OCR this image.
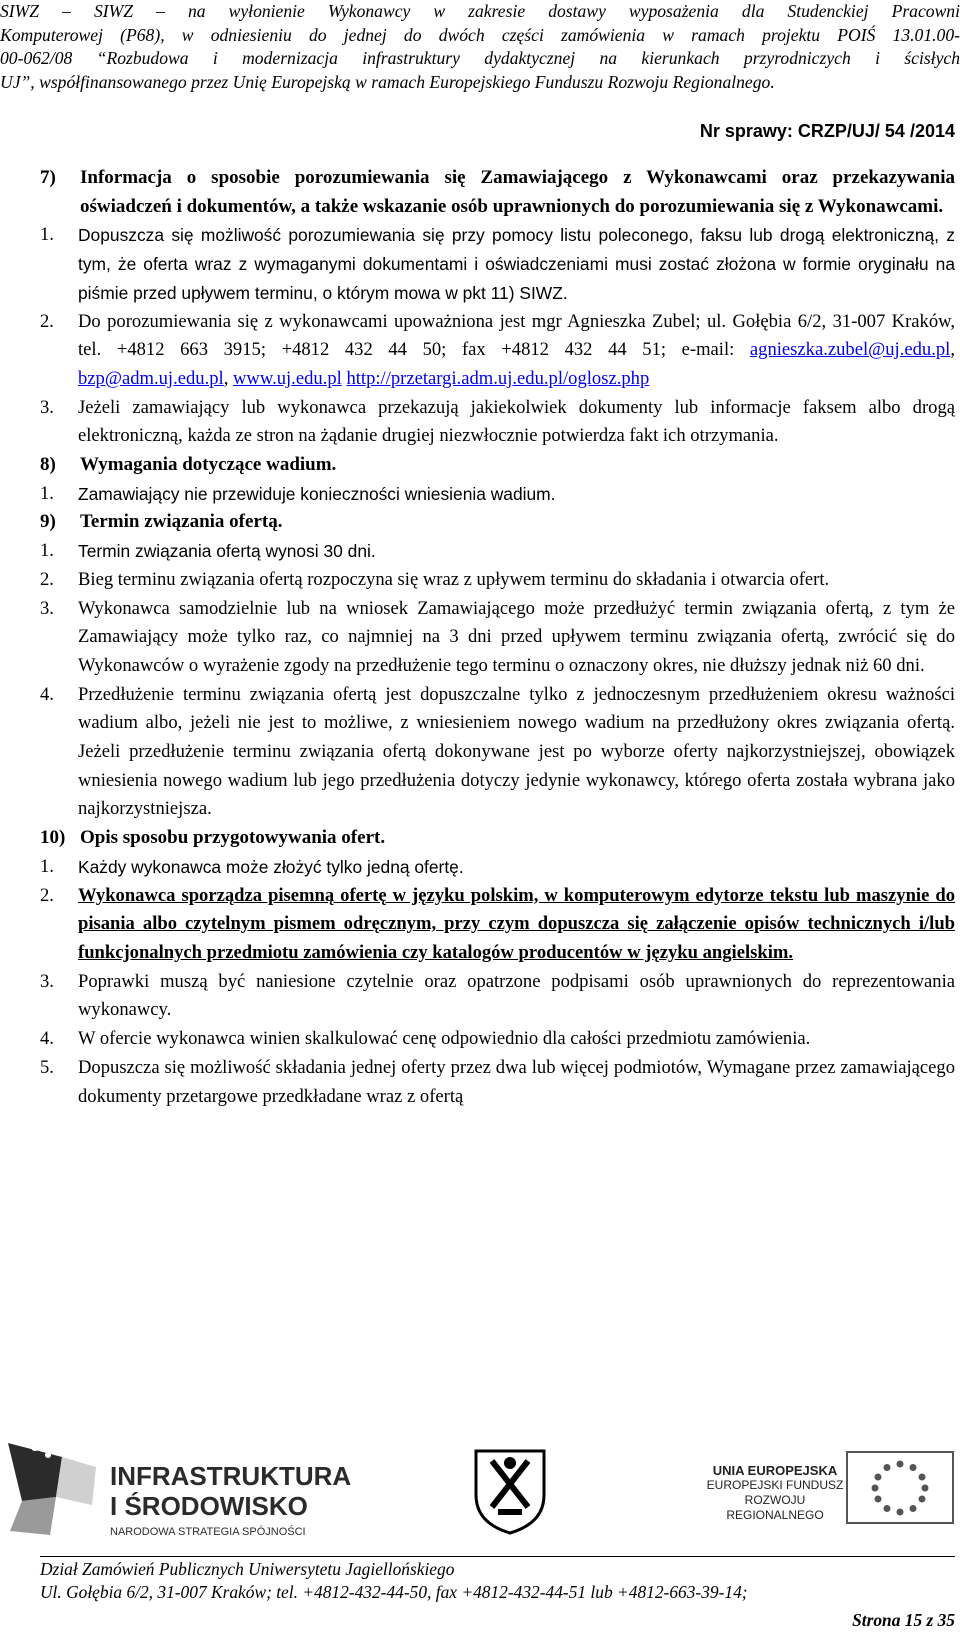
SIWZ – SIWZ – na wyłonienie Wykonawcy w zakresie dostawy wyposażenia dla Studenckiej Pracowni
Komputerowej (P68), w odniesieniu do jednej do dwóch części zamówienia w ramach projektu POIŚ 13.01.00-
00-062/08 “Rozbudowa i modernizacja infrastruktury dydaktycznej na kierunkach przyrodniczych i ścisłych
UJ”, współfinansowanego przez Unię Europejską w ramach Europejskiego Funduszu Rozwoju Regionalnego.
Nr sprawy: CRZP/UJ/ 54 /2014
7)	Informacja o sposobie porozumiewania się Zamawiającego z Wykonawcami oraz przekazywania oświadczeń i dokumentów, a także wskazanie osób uprawnionych do porozumiewania się z Wykonawcami.
1.	Dopuszcza się możliwość porozumiewania się przy pomocy listu poleconego, faksu lub drogą elektroniczną, z tym, że oferta wraz z wymaganymi dokumentami i oświadczeniami musi zostać złożona w formie oryginału na piśmie przed upływem terminu, o którym mowa w pkt 11) SIWZ.
2.	Do porozumiewania się z wykonawcami upoważniona jest mgr Agnieszka Zubel; ul. Gołębia 6/2, 31-007 Kraków, tel. +4812 663 3915; +4812 432 44 50; fax +4812 432 44 51; e-mail: agnieszka.zubel@uj.edu.pl, bzp@adm.uj.edu.pl, www.uj.edu.pl http://przetargi.adm.uj.edu.pl/oglosz.php
3.	Jeżeli zamawiający lub wykonawca przekazują jakiekolwiek dokumenty lub informacje faksem albo drogą elektroniczną, każda ze stron na żądanie drugiej niezwłocznie potwierdza fakt ich otrzymania.
8)	Wymagania dotyczące wadium.
1.	Zamawiający nie przewiduje konieczności wniesienia wadium.
9)	Termin związania ofertą.
1.	Termin związania ofertą wynosi 30 dni.
2.	Bieg terminu związania ofertą rozpoczyna się wraz z upływem terminu do składania i otwarcia ofert.
3.	Wykonawca samodzielnie lub na wniosek Zamawiającego może przedłużyć termin związania ofertą, z tym że Zamawiający może tylko raz, co najmniej na 3 dni przed upływem terminu związania ofertą, zwrócić się do Wykonawców o wyrażenie zgody na przedłużenie tego terminu o oznaczony okres, nie dłuższy jednak niż 60 dni.
4.	Przedłużenie terminu związania ofertą jest dopuszczalne tylko z jednoczesnym przedłużeniem okresu ważności wadium albo, jeżeli nie jest to możliwe, z wniesieniem nowego wadium na przedłużony okres związania ofertą. Jeżeli przedłużenie terminu związania ofertą dokonywane jest po wyborze oferty najkorzystniejszej, obowiązek wniesienia nowego wadium lub jego przedłużenia dotyczy jedynie wykonawcy, którego oferta została wybrana jako najkorzystniejsza.
10) Opis sposobu przygotowywania ofert.
1.	Każdy wykonawca może złożyć tylko jedną ofertę.
2.	Wykonawca sporządza pisemną ofertę w języku polskim, w komputerowym edytorze tekstu lub maszynie do pisania albo czytelnym pismem odręcznym, przy czym dopuszcza się załączenie opisów technicznych i/lub funkcjonalnych przedmiotu zamówienia czy katalogów producentów w języku angielskim.
3.	Poprawki muszą być naniesione czytelnie oraz opatrzone podpisami osób uprawnionych do reprezentowania wykonawcy.
4.	W ofercie wykonawca winien skalkulować cenę odpowiednio dla całości przedmiotu zamówienia.
5.	Dopuszcza się możliwość składania jednej oferty przez dwa lub więcej podmiotów, Wymagane przez zamawiającego dokumenty przetargowe przedkładane wraz z ofertą
INFRASTRUKTURA
I ŚRODOWISKO
NARODOWA STRATEGIA SPÓJNOŚCI
UNIA EUROPEJSKA
EUROPEJSKI FUNDUSZ
ROZWOJU REGIONALNEGO
Dział Zamówień Publicznych Uniwersytetu Jagiellońskiego
Ul. Gołębia 6/2, 31-007 Kraków; tel. +4812-432-44-50, fax +4812-432-44-51 lub +4812-663-39-14;
Strona 15 z 35
